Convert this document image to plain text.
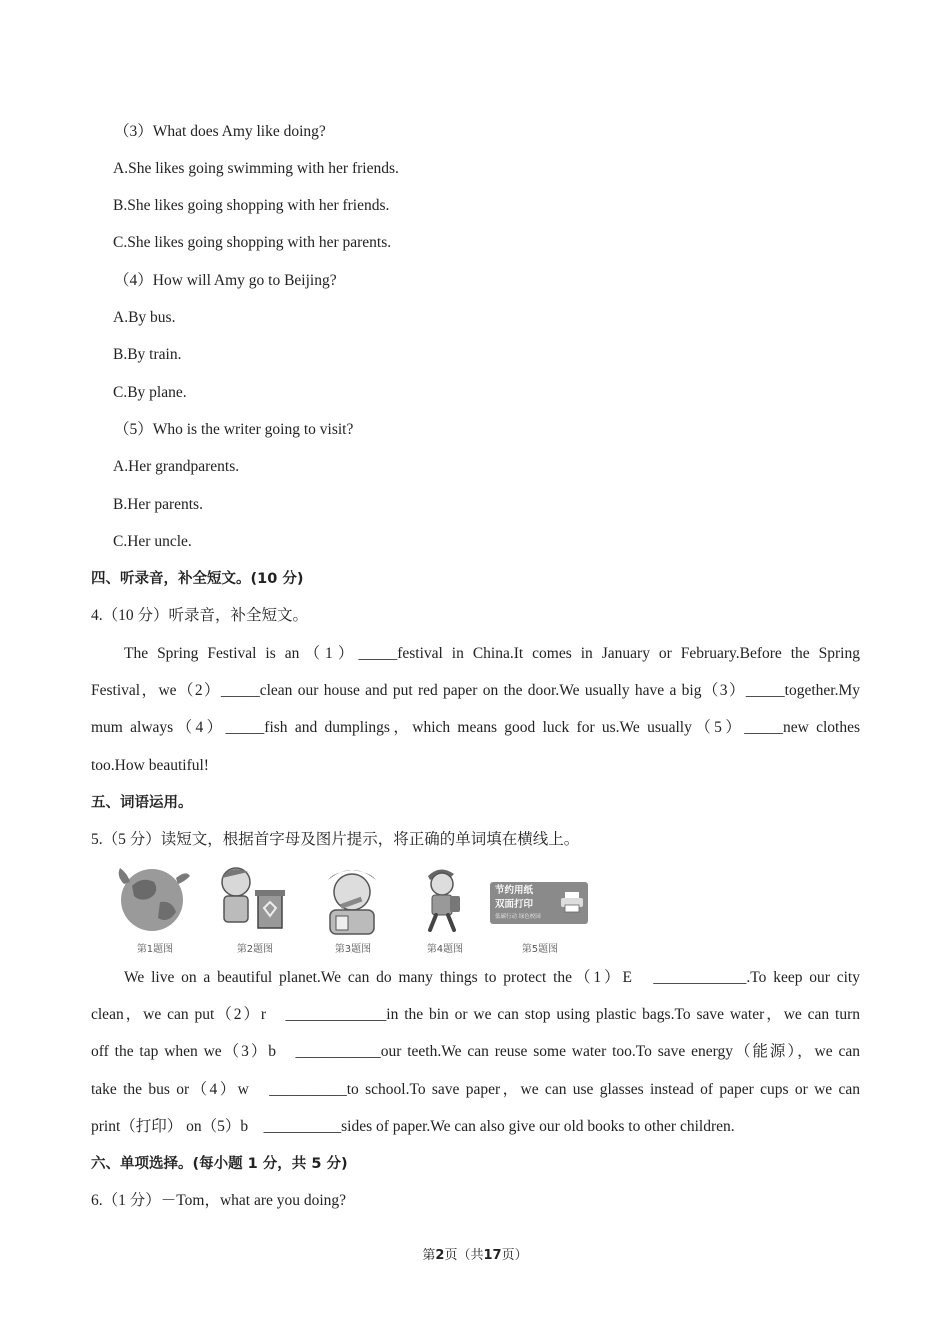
（3）What does Amy like doing?
A.She likes going swimming with her friends.
B.She likes going shopping with her friends.
C.She likes going shopping with her parents.
（4）How will Amy go to Beijing?
A.By bus.
B.By train.
C.By plane.
（5）Who is the writer going to visit?
A.Her grandparents.
B.Her parents.
C.Her uncle.
四、听录音，补全短文。(10 分)
4.（10 分）听录音，补全短文。
The Spring Festival is an（1）_____festival in China.It comes in January or February.Before the Spring
Festival，we（2）_____clean our house and put red paper on the door.We usually have a big（3）_____together.My
mum always（4）_____fish and dumplings，which means good luck for us.We usually（5）_____new clothes
too.How beautiful!
五、词语运用。
5.（5 分）读短文，根据首字母及图片提示，将正确的单词填在横线上。
第1题图	第2题图	第3题图	第4题图
节约用纸
双面打印
低碳行动 绿色校园
第5题图
We live on a beautiful planet.We can do many things to protect the（1）E　____________.To keep our city
clean，we can put（2）r　_____________in the bin or we can stop using plastic bags.To save water，we can turn
off the tap when we（3）b　___________our teeth.We can reuse some water too.To save energy（能源），we can
take the bus or（4）w　__________to school.To save paper，we can use glasses instead of paper cups or we can
print（打印） on（5）b　__________sides of paper.We can also give our old books to other children.
六、单项选择。(每小题 1 分，共 5 分)
6.（1 分）－Tom，what are you doing?
第2页（共17页）
